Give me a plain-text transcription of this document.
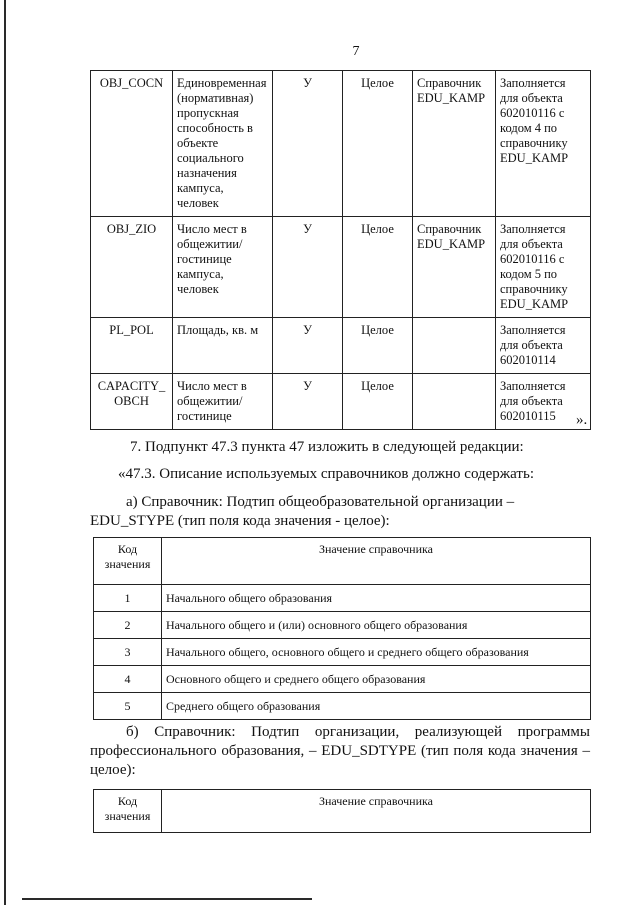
7
OBJ_COCN	Единовременная (нормативная) пропускная способность в объекте социального назначения кампуса, человек	У	Целое	Справочник EDU_KAMP	Заполняется для объекта 602010116 с кодом 4 по справочнику EDU_KAMP
OBJ_ZIO	Число мест в общежитии/ гостинице кампуса, человек	У	Целое	Справочник EDU_KAMP	Заполняется для объекта 602010116 с кодом 5 по справочнику EDU_KAMP
PL_POL	Площадь, кв. м	У	Целое		Заполняется для объекта 602010114
CAPACITY_ OBCH	Число мест в общежитии/ гостинице	У	Целое		Заполняется для объекта 602010115 ».
7. Подпункт 47.3 пункта 47 изложить в следующей редакции:
«47.3. Описание используемых справочников должно содержать:
а) Справочник: Подтип общеобразовательной организации – EDU_STYPE (тип поля кода значения - целое):
Код значения	Значение справочника
1	Начального общего образования
2	Начального общего и (или) основного общего образования
3	Начального общего, основного общего и среднего общего образования
4	Основного общего и среднего общего образования
5	Среднего общего образования
б) Справочник: Подтип организации, реализующей программы профессионального образования, – EDU_SDTYPE (тип поля кода значения – целое):
Код значения	Значение справочника
